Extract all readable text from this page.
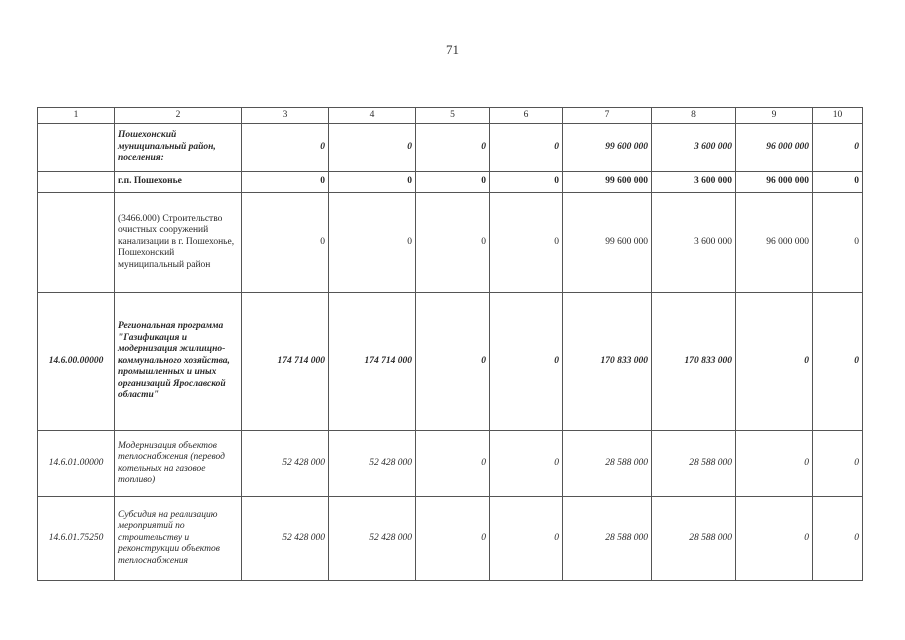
71
1	2	3	4	5	6	7	8	9	10
	Пошехонский муниципальный район, поселения:	0	0	0	0	99 600 000	3 600 000	96 000 000	0
	г.п. Пошехонье	0	0	0	0	99 600 000	3 600 000	96 000 000	0
	(3466.000) Строительство очистных сооружений канализации в г. Пошехонье, Пошехонский муниципальный район	0	0	0	0	99 600 000	3 600 000	96 000 000	0
14.6.00.00000	Региональная программа "Газификация и модернизация жилищно-коммунального хозяйства, промышленных и иных организаций Ярославской области"	174 714 000	174 714 000	0	0	170 833 000	170 833 000	0	0
14.6.01.00000	Модернизация объектов теплоснабжения (перевод котельных на газовое топливо)	52 428 000	52 428 000	0	0	28 588 000	28 588 000	0	0
14.6.01.75250	Субсидия на реализацию мероприятий по строительству и реконструкции объектов теплоснабжения	52 428 000	52 428 000	0	0	28 588 000	28 588 000	0	0
